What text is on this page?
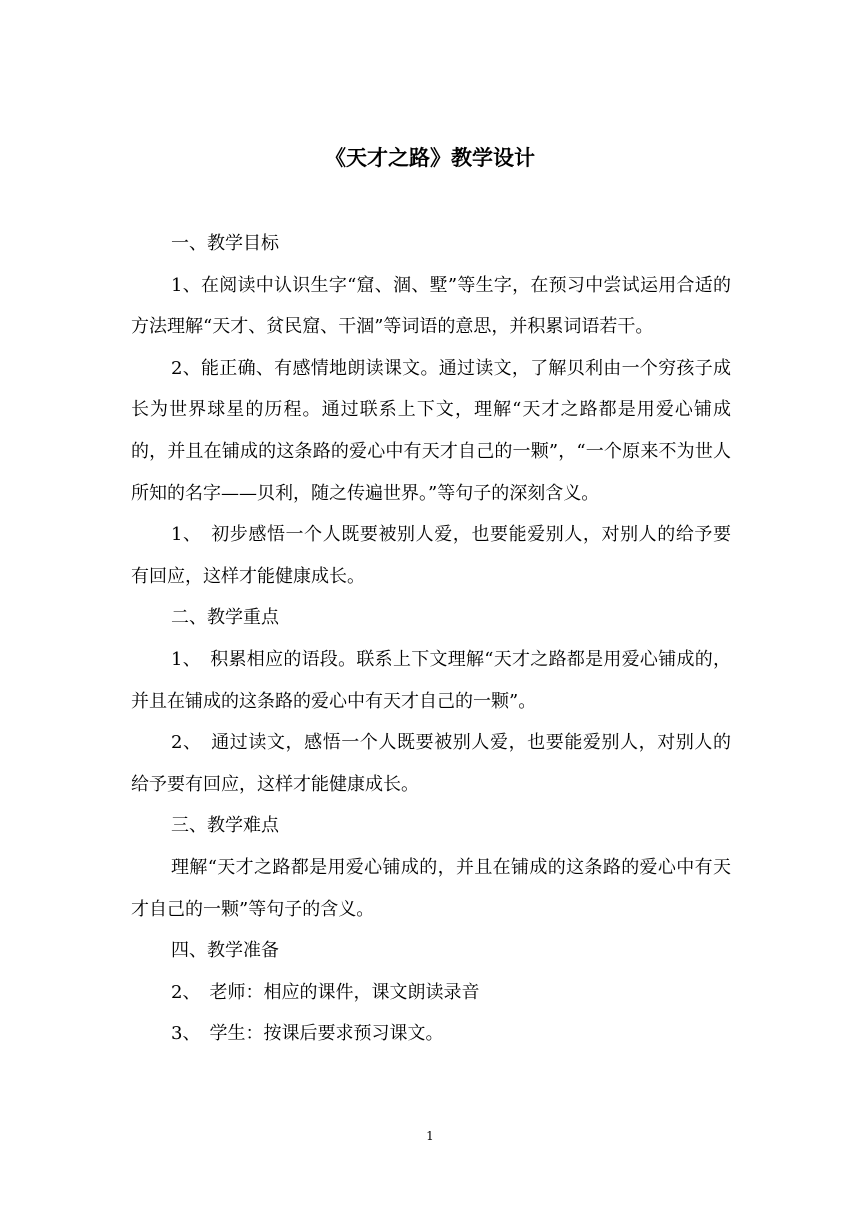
《天才之路》教学设计

一、教学目标

1、在阅读中认识生字“窟、涸、墅”等生字，在预习中尝试运用合适的方法理解“天才、贫民窟、干涸”等词语的意思，并积累词语若干。

2、能正确、有感情地朗读课文。通过读文，了解贝利由一个穷孩子成长为世界球星的历程。通过联系上下文，理解“天才之路都是用爱心铺成的，并且在铺成的这条路的爱心中有天才自己的一颗”，“一个原来不为世人所知的名字——贝利，随之传遍世界。”等句子的深刻含义。

1、　初步感悟一个人既要被别人爱，也要能爱别人，对别人的给予要有回应，这样才能健康成长。

二、教学重点

1、　积累相应的语段。联系上下文理解“天才之路都是用爱心铺成的，并且在铺成的这条路的爱心中有天才自己的一颗”。

2、　通过读文，感悟一个人既要被别人爱，也要能爱别人，对别人的给予要有回应，这样才能健康成长。

三、教学难点

理解“天才之路都是用爱心铺成的，并且在铺成的这条路的爱心中有天才自己的一颗”等句子的含义。

四、教学准备

2、　老师：相应的课件，课文朗读录音

3、　学生：按课后要求预习课文。

1
